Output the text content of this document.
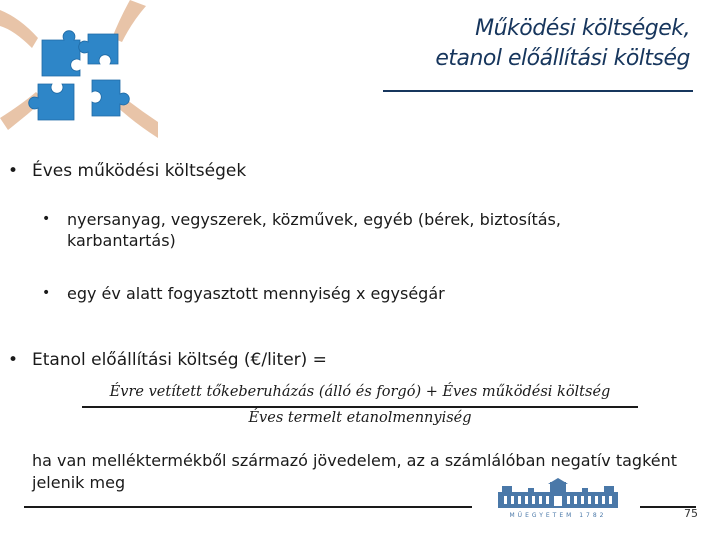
Működési költségek,
etanol előállítási költség
• Éves működési költségek
• nyersanyag, vegyszerek, közművek, egyéb (bérek, biztosítás, karbantartás)
• egy év alatt fogyasztott mennyiség x egységár
• Etanol előállítási költség (€/liter) =
Évre vetített tőkeberuházás (álló és forgó) + Éves működési költség
Éves termelt etanolmennyiség
ha van melléktermékből származó jövedelem, az a számlálóban negatív tagként jelenik meg
MŰEGYETEM 1782	75
